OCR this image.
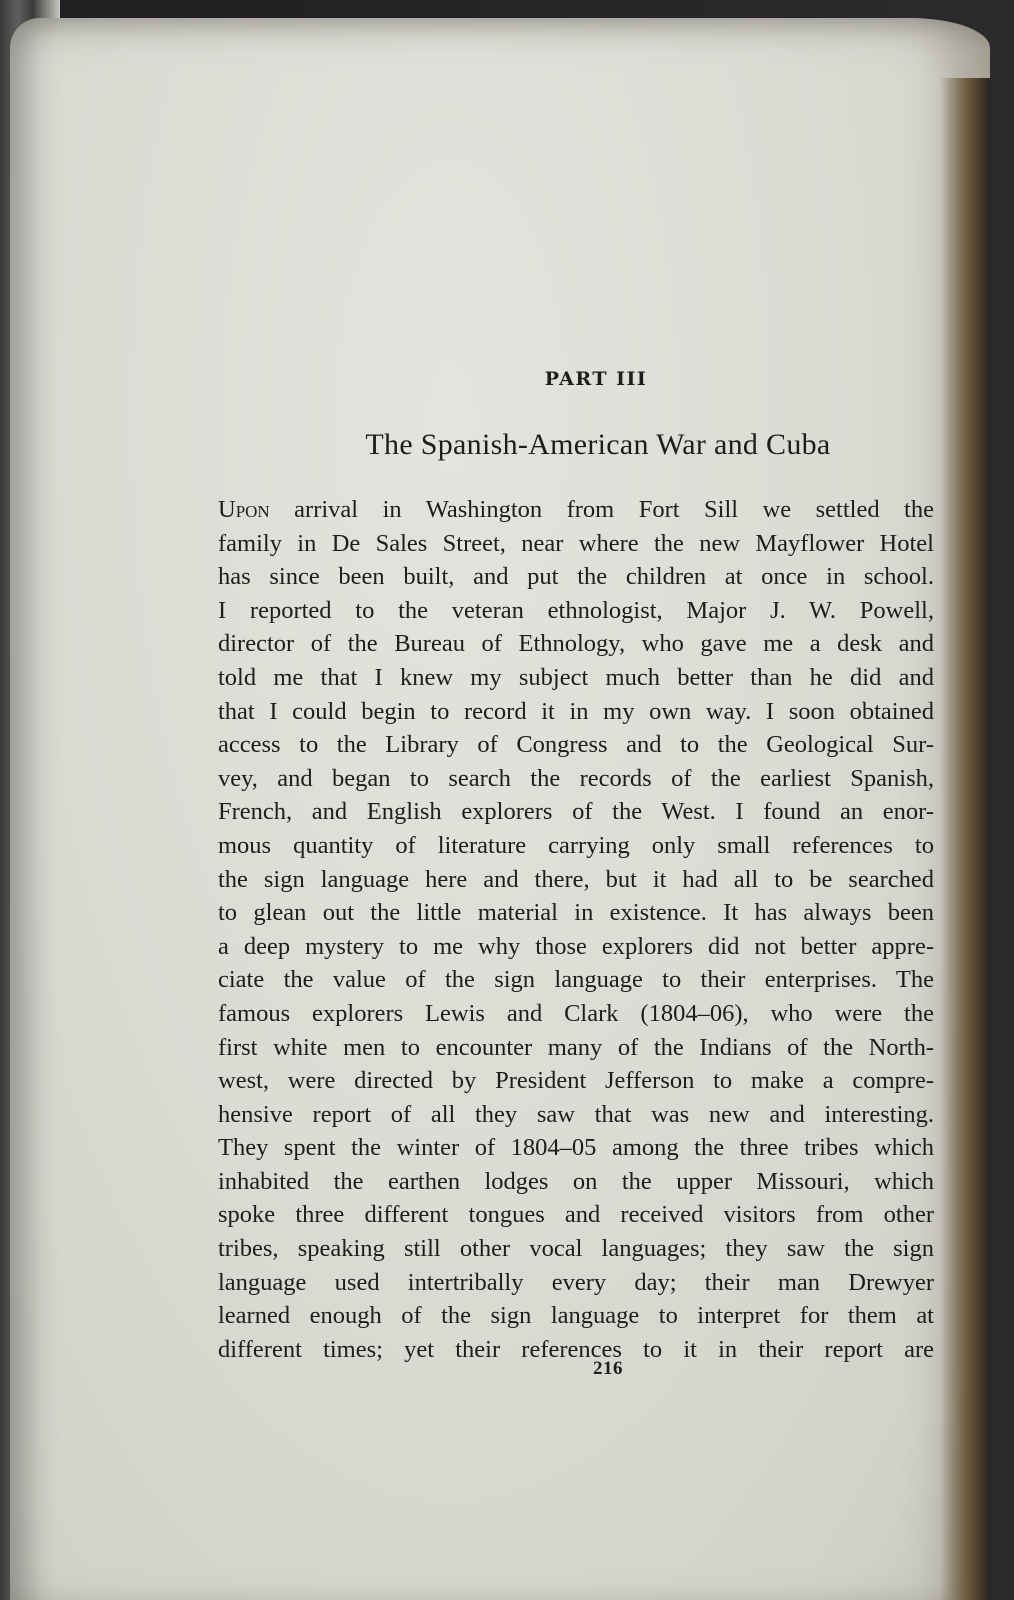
PART III

The Spanish-American War and Cuba
Upon arrival in Washington from Fort Sill we settled the
family in De Sales Street, near where the new Mayflower Hotel
has since been built, and put the children at once in school.
I reported to the veteran ethnologist, Major J. W. Powell,
director of the Bureau of Ethnology, who gave me a desk and
told me that I knew my subject much better than he did and
that I could begin to record it in my own way. I soon obtained
access to the Library of Congress and to the Geological Sur-
vey, and began to search the records of the earliest Spanish,
French, and English explorers of the West. I found an enor-
mous quantity of literature carrying only small references to
the sign language here and there, but it had all to be searched
to glean out the little material in existence. It has always been
a deep mystery to me why those explorers did not better appre-
ciate the value of the sign language to their enterprises. The
famous explorers Lewis and Clark (1804–06), who were the
first white men to encounter many of the Indians of the North-
west, were directed by President Jefferson to make a compre-
hensive report of all they saw that was new and interesting.
They spent the winter of 1804–05 among the three tribes which
inhabited the earthen lodges on the upper Missouri, which
spoke three different tongues and received visitors from other
tribes, speaking still other vocal languages; they saw the sign
language used intertribally every day; their man Drewyer
learned enough of the sign language to interpret for them at
different times; yet their references to it in their report are
216
